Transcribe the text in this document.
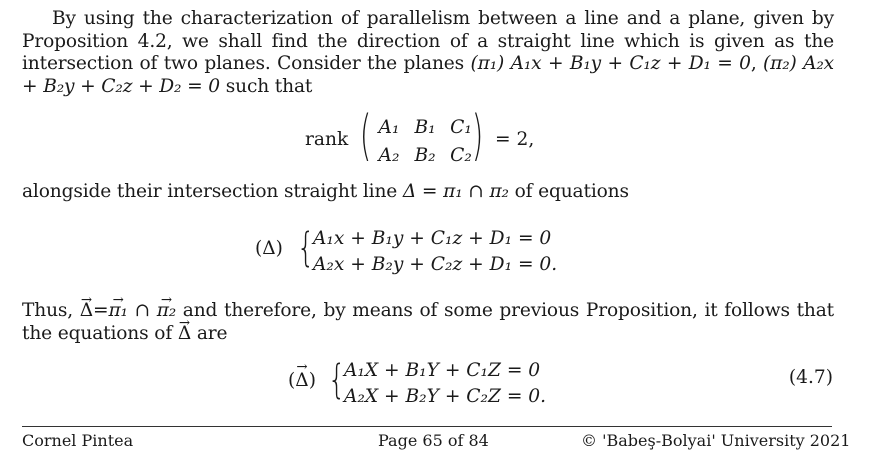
By using the characterization of parallelism between a line and a plane, given by Proposition 4.2, we shall find the direction of a straight line which is given as the intersection of two planes. Consider the planes (π₁) A₁x + B₁y + C₁z + D₁ = 0, (π₂) A₂x + B₂y + C₂z + D₂ = 0 such that
rank ( A₁ B₁ C₁
A₂ B₂ C₂ ) = 2,
alongside their intersection straight line Δ = π₁ ∩ π₂ of equations
(Δ) {
A₁x + B₁y + C₁z + D₁ = 0
A₂x + B₂y + C₂z + D₁ = 0.
Thus, → Δ=→ π₁ ∩ → π₂ and therefore, by means of some previous Proposition, it follows that the equations of → Δ are
(→ Δ) {
A₁X + B₁Y + C₁Z = 0
A₂X + B₂Y + C₂Z = 0.
(4.7)
Cornel Pintea	Page 65 of 84	© 'Babeş-Bolyai' University 2021
